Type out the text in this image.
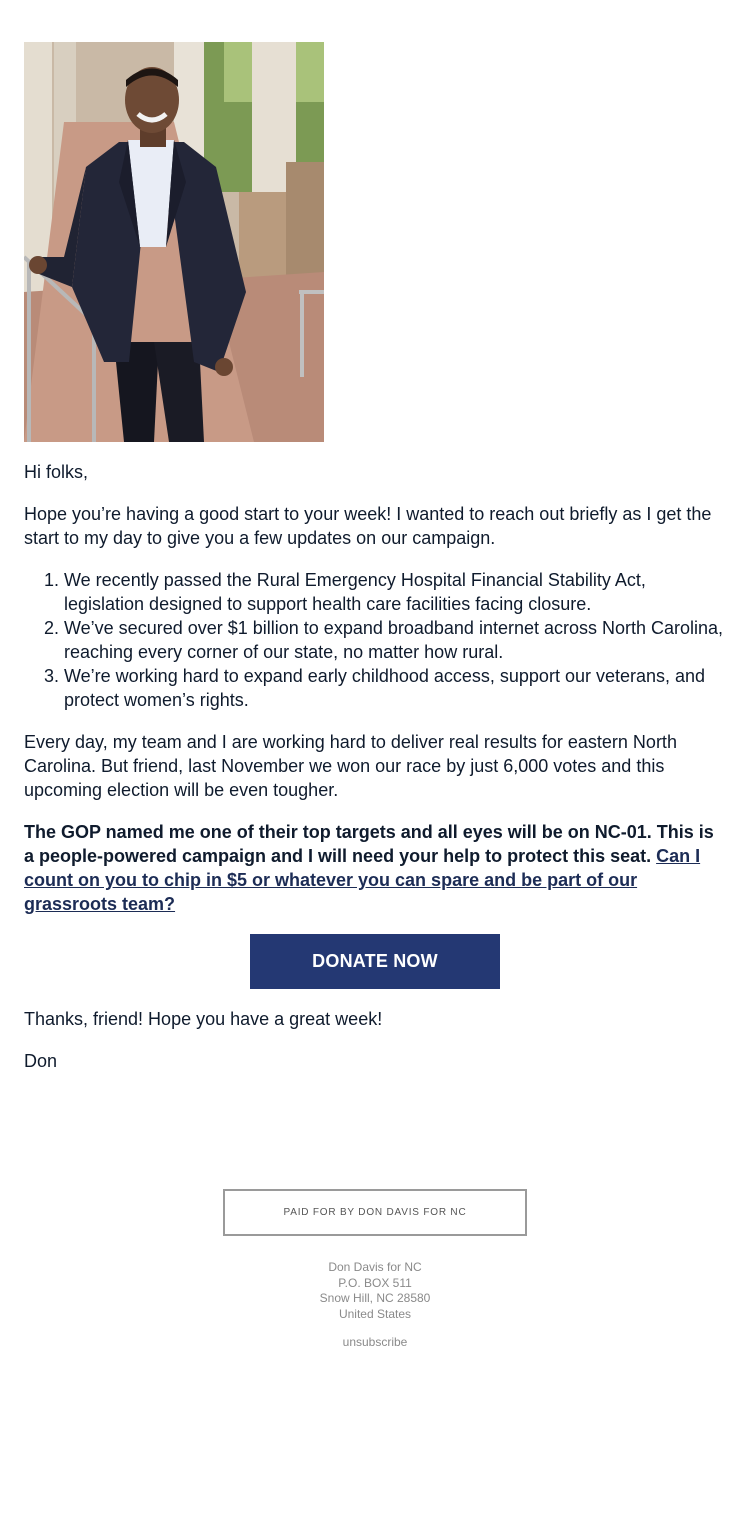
Hi folks,

Hope you’re having a good start to your week! I wanted to reach out briefly as I get the start to my day to give you a few updates on our campaign.

1. We recently passed the Rural Emergency Hospital Financial Stability Act, legislation designed to support health care facilities facing closure.
2. We’ve secured over $1 billion to expand broadband internet across North Carolina, reaching every corner of our state, no matter how rural.
3. We’re working hard to expand early childhood access, support our veterans, and protect women’s rights.

Every day, my team and I are working hard to deliver real results for eastern North Carolina. But friend, last November we won our race by just 6,000 votes and this upcoming election will be even tougher.

The GOP named me one of their top targets and all eyes will be on NC-01. This is a people-powered campaign and I will need your help to protect this seat. Can I count on you to chip in $5 or whatever you can spare and be part of our grassroots team?

DONATE NOW

Thanks, friend! Hope you have a great week!

Don

PAID FOR BY DON DAVIS FOR NC
Don Davis for NC
P.O. BOX 511
Snow Hill, NC 28580
United States
unsubscribe
